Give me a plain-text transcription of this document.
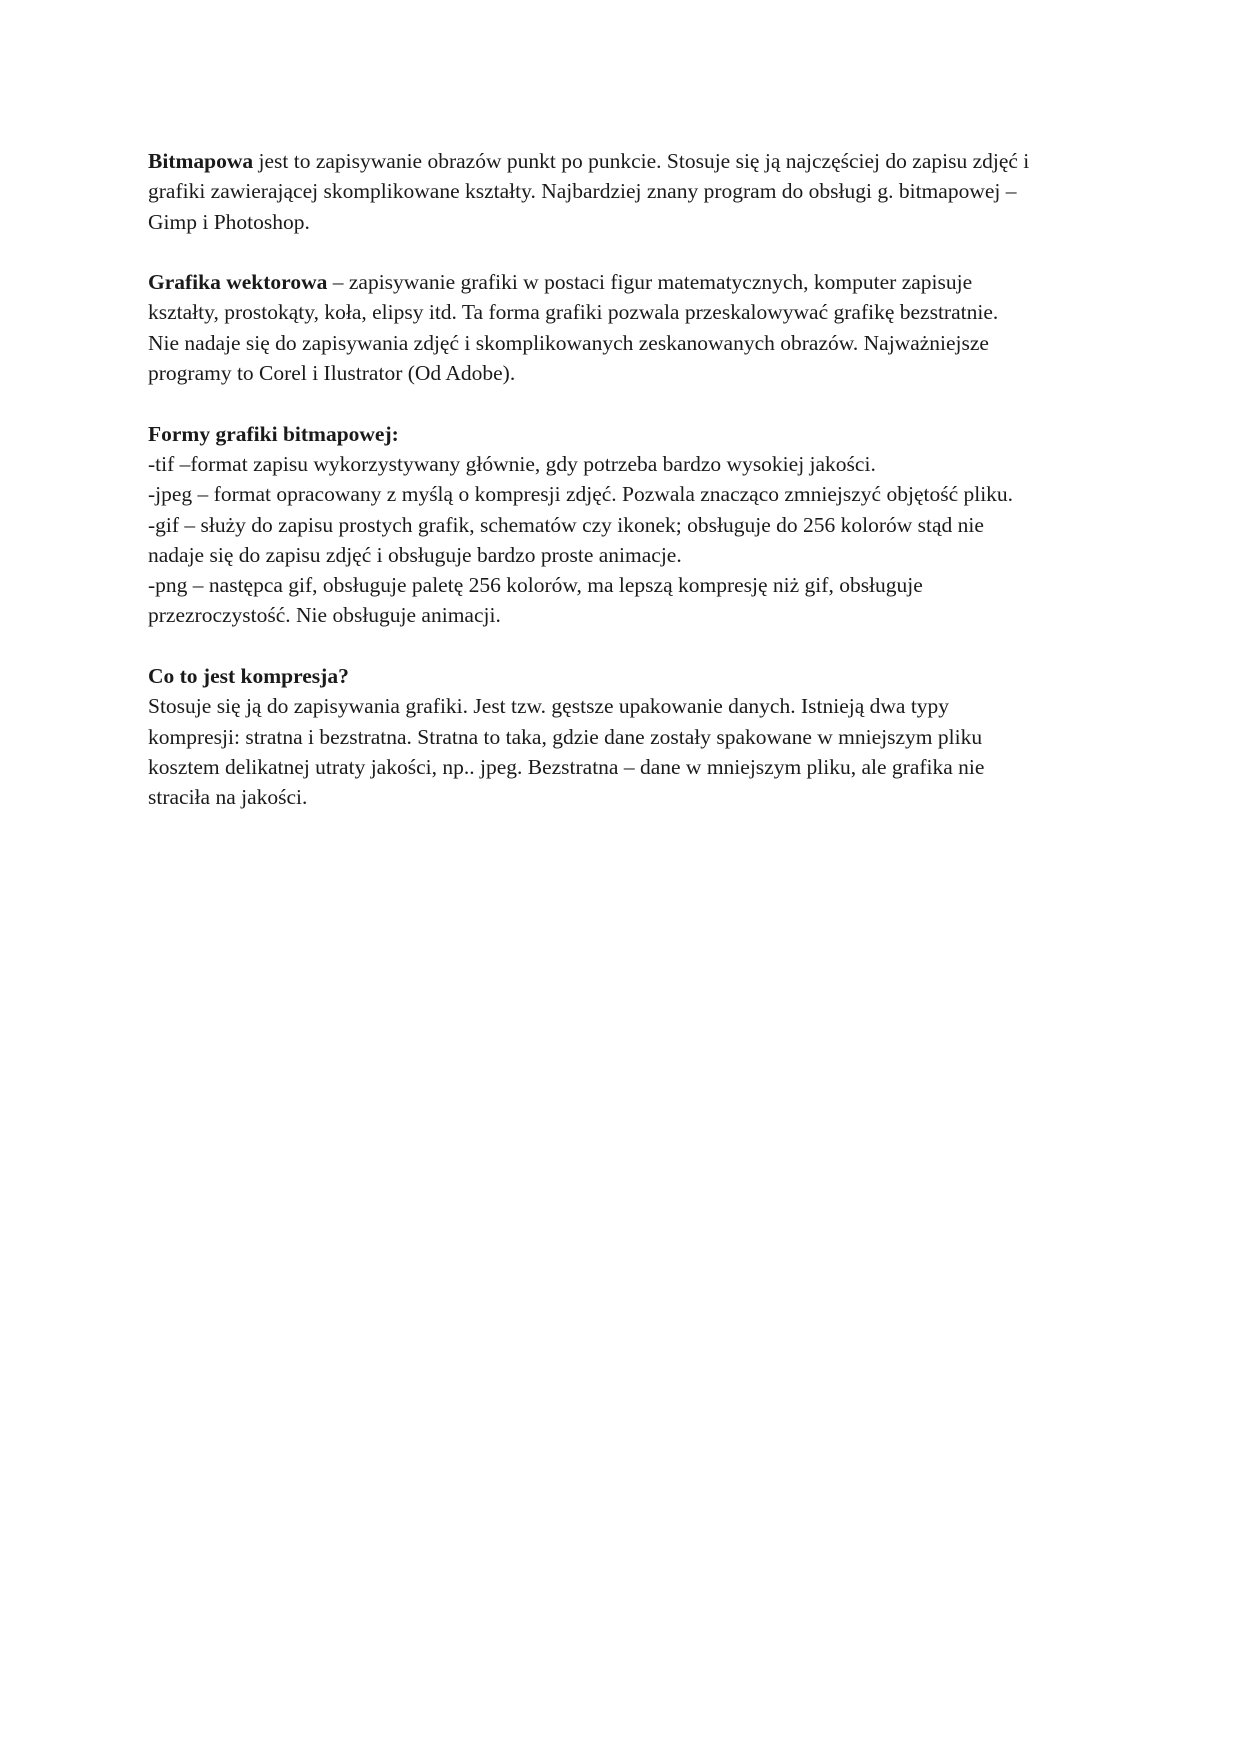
Bitmapowa jest to zapisywanie obrazów punkt po punkcie. Stosuje się ją najczęściej do zapisu zdjęć i
grafiki zawierającej skomplikowane kształty. Najbardziej znany program do obsługi g. bitmapowej –
Gimp i Photoshop.

Grafika wektorowa – zapisywanie grafiki w postaci figur matematycznych, komputer zapisuje
kształty, prostokąty, koła, elipsy itd. Ta forma grafiki pozwala przeskalowywać grafikę bezstratnie.
Nie nadaje się do zapisywania zdjęć i skomplikowanych zeskanowanych obrazów. Najważniejsze
programy to Corel i Ilustrator (Od Adobe).

Formy grafiki bitmapowej:
-tif –format zapisu wykorzystywany głównie, gdy potrzeba bardzo wysokiej jakości.
-jpeg – format opracowany z myślą o kompresji zdjęć. Pozwala znacząco zmniejszyć objętość pliku.
-gif – służy do zapisu prostych grafik, schematów czy ikonek; obsługuje do 256 kolorów stąd nie
nadaje się do zapisu zdjęć i obsługuje bardzo proste animacje.
-png – następca gif, obsługuje paletę 256 kolorów, ma lepszą kompresję niż gif, obsługuje
przezroczystość. Nie obsługuje animacji.

Co to jest kompresja?
Stosuje się ją do zapisywania grafiki. Jest tzw. gęstsze upakowanie danych. Istnieją dwa typy
kompresji: stratna i bezstratna. Stratna to taka, gdzie dane zostały spakowane w mniejszym pliku
kosztem delikatnej utraty jakości, np.. jpeg. Bezstratna – dane w mniejszym pliku, ale grafika nie
straciła na jakości.
